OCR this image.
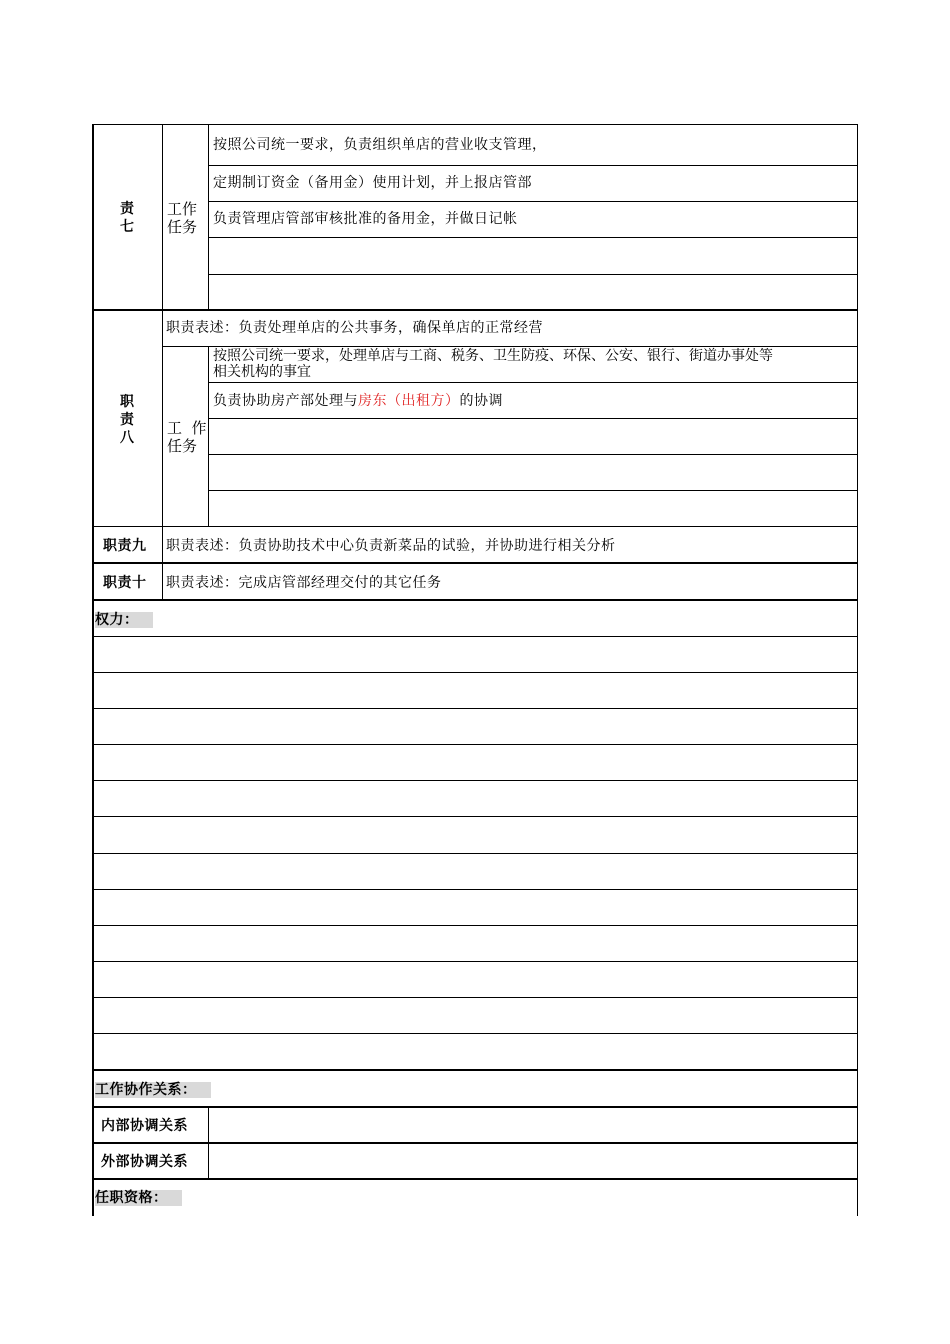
责
七
工作
任务
按照公司统一要求，负责组织单店的营业收支管理，
定期制订资金（备用金）使用计划，并上报店管部
负责管理店管部审核批准的备用金，并做日记帐
职
责
八
职责表述：负责处理单店的公共事务，确保单店的正常经营
工  作
任务
按照公司统一要求，处理单店与工商、税务、卫生防疫、环保、公安、银行、街道办事处等
相关机构的事宜
负责协助房产部处理与房东（出租方）的协调
职责九 职责表述：负责协助技术中心负责新菜品的试验，并协助进行相关分析
职责十 职责表述：完成店管部经理交付的其它任务
权力：
工作协作关系：
内部协调关系
外部协调关系
任职资格：
